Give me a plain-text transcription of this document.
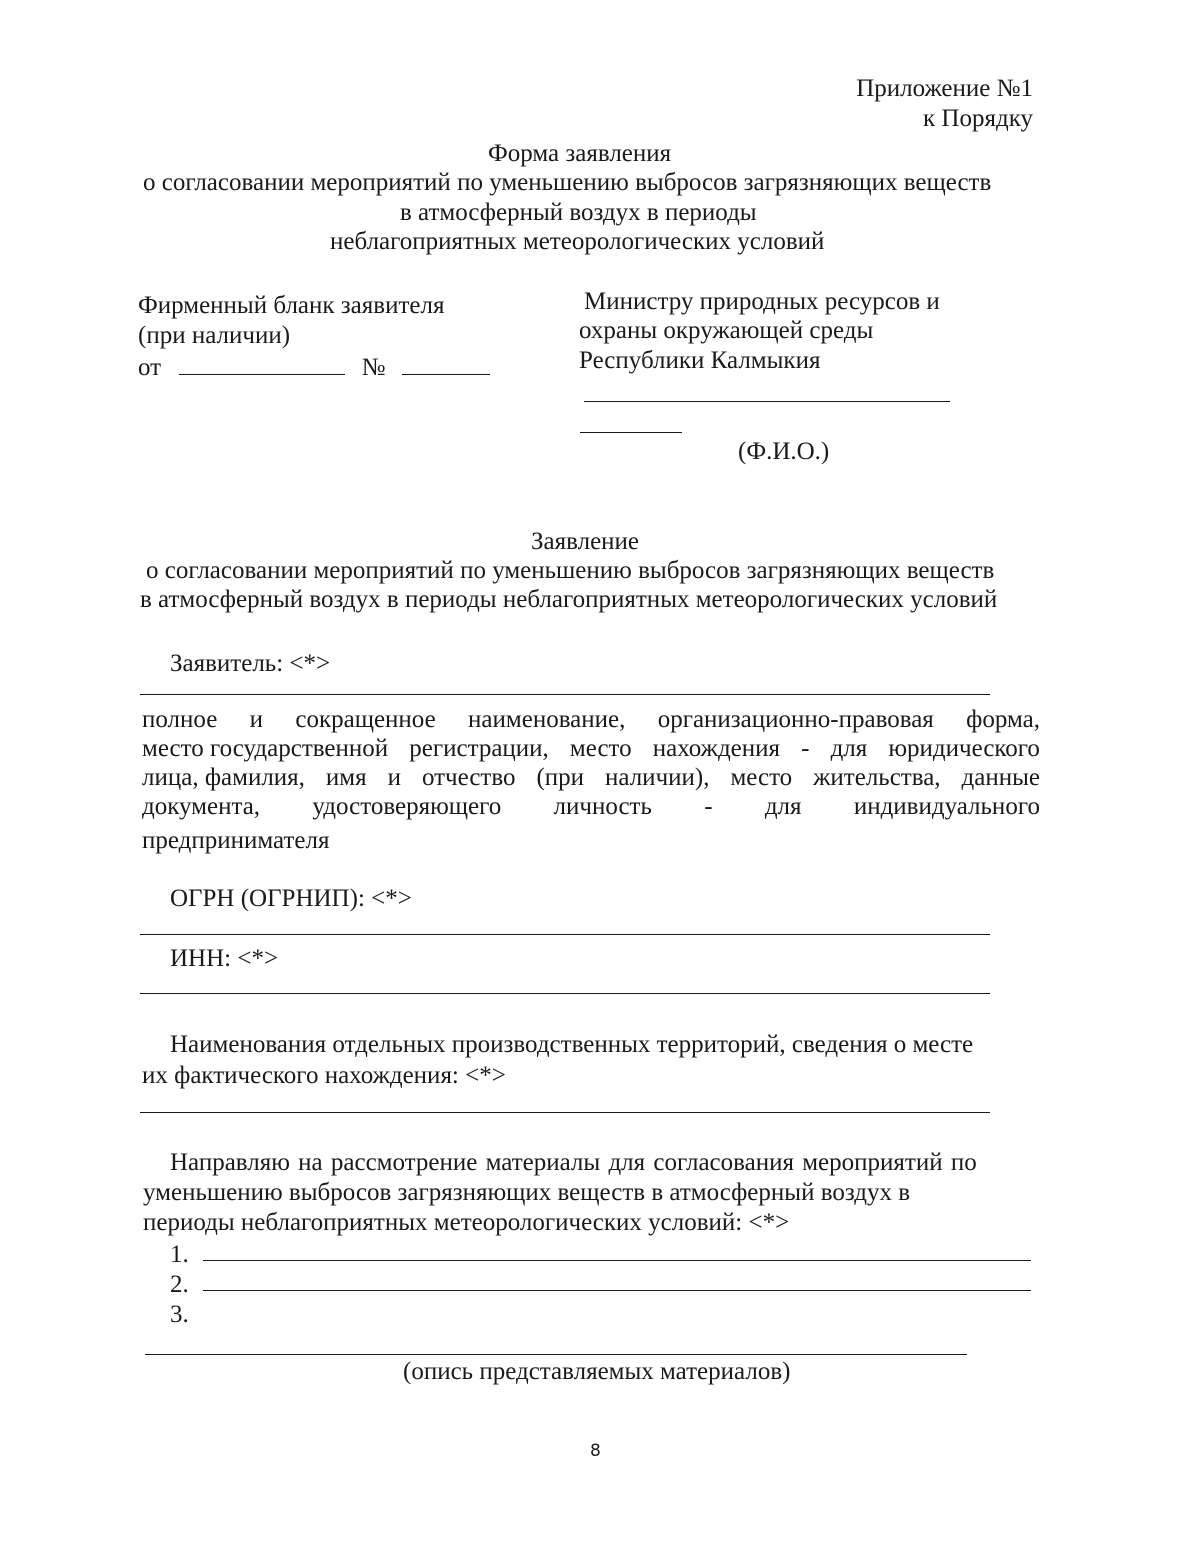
Приложение №1
к Порядку
Форма заявления
о согласовании мероприятий по уменьшению выбросов загрязняющих веществ
в атмосферный воздух в периоды
неблагоприятных метеорологических условий
Фирменный бланк заявителя
(при наличии)
от	№
Министру природных ресурсов и
охраны окружающей среды
Республики Калмыкия
(Ф.И.О.)
Заявление
о согласовании мероприятий по уменьшению выбросов загрязняющих веществ
в атмосферный воздух в периоды неблагоприятных метеорологических условий
Заявитель: <*>
полное и сокращенное наименование, организационно-правовая форма,
место государственной регистрации, место нахождения - для юридического
лица, фамилия, имя и отчество (при наличии), место жительства, данные
документа, удостоверяющего личность - для индивидуального
предпринимателя
ОГРН (ОГРНИП): <*>
ИНН: <*>
Наименования отдельных производственных территорий, сведения о месте
их фактического нахождения: <*>
Направляю на рассмотрение материалы для согласования мероприятий по
уменьшению выбросов загрязняющих веществ в атмосферный воздух в
периоды неблагоприятных метеорологических условий: <*>
1.
2.
3.
(опись представляемых материалов)
8
